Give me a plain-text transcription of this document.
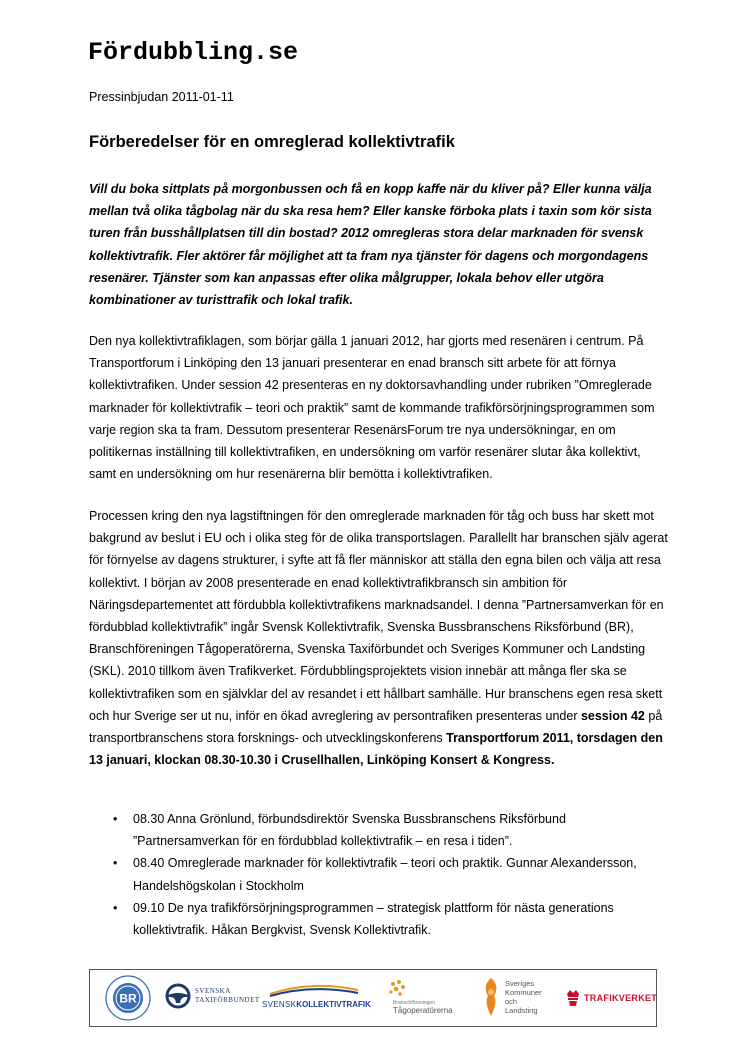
Fördubbling.se
Pressinbjudan 2011-01-11
Förberedelser för en omreglerad kollektivtrafik
Vill du boka sittplats på morgonbussen och få en kopp kaffe när du kliver på? Eller kunna välja mellan två olika tågbolag när du ska resa hem? Eller kanske förboka plats i taxin som kör sista turen från busshållplatsen till din bostad? 2012 omregleras stora delar marknaden för svensk kollektivtrafik. Fler aktörer får möjlighet att ta fram nya tjänster för dagens och morgondagens resenärer. Tjänster som kan anpassas efter olika målgrupper, lokala behov eller utgöra kombinationer av turisttrafik och lokal trafik.
Den nya kollektivtrafiklagen, som börjar gälla 1 januari 2012, har gjorts med resenären i centrum. På Transportforum i Linköping den 13 januari presenterar en enad bransch sitt arbete för att förnya kollektivtrafiken. Under session 42 presenteras en ny doktorsavhandling under rubriken ”Omreglerade marknader för kollektivtrafik – teori och praktik” samt de kommande trafikförsörjningsprogrammen som varje region ska ta fram. Dessutom presenterar ResenärsForum tre nya undersökningar, en om politikernas inställning till kollektivtrafiken, en undersökning om varför resenärer slutar åka kollektivt, samt en undersökning om hur resenärerna blir bemötta i kollektivtrafiken.
Processen kring den nya lagstiftningen för den omreglerade marknaden för tåg och buss har skett mot bakgrund av beslut i EU och i olika steg för de olika transportslagen. Parallellt har branschen själv agerat för förnyelse av dagens strukturer, i syfte att få fler människor att ställa den egna bilen och välja att resa kollektivt. I början av 2008 presenterade en enad kollektivtrafikbransch sin ambition för Näringsdepartementet att fördubbla kollektivtrafikens marknadsandel. I denna ”Partnersamverkan för en fördubblad kollektivtrafik” ingår Svensk Kollektivtrafik, Svenska Bussbranschens Riksförbund (BR), Branschföreningen Tågoperatörerna, Svenska Taxiförbundet och Sveriges Kommuner och Landsting (SKL). 2010 tillkom även Trafikverket. Fördubblingsprojektets vision innebär att många fler ska se kollektivtrafiken som en självklar del av resandet i ett hållbart samhälle. Hur branschens egen resa skett och hur Sverige ser ut nu, inför en ökad avreglering av persontrafiken presenteras under session 42 på transportbranschens stora forsknings- och utvecklingskonferens Transportforum 2011, torsdagen den 13 januari, klockan 08.30-10.30 i Crusellhallen, Linköping Konsert & Kongress.
• 08.30 Anna Grönlund, förbundsdirektör Svenska Bussbranschens Riksförbund ”Partnersamverkan för en fördubblad kollektivtrafik – en resa i tiden”.
• 08.40 Omreglerade marknader för kollektivtrafik – teori och praktik. Gunnar Alexandersson, Handelshögskolan i Stockholm
• 09.10 De nya trafikförsörjningsprogrammen – strategisk plattform för nästa generations kollektivtrafik. Håkan Bergkvist, Svensk Kollektivtrafik.
BR
SVENSKA TAXIFÖRBUNDET SVENSKKOLLEKTIVTRAFIK	Branschföreningen
Tågoperatörerna
Sveriges Kommuner och Landsting
TRAFIKVERKET
